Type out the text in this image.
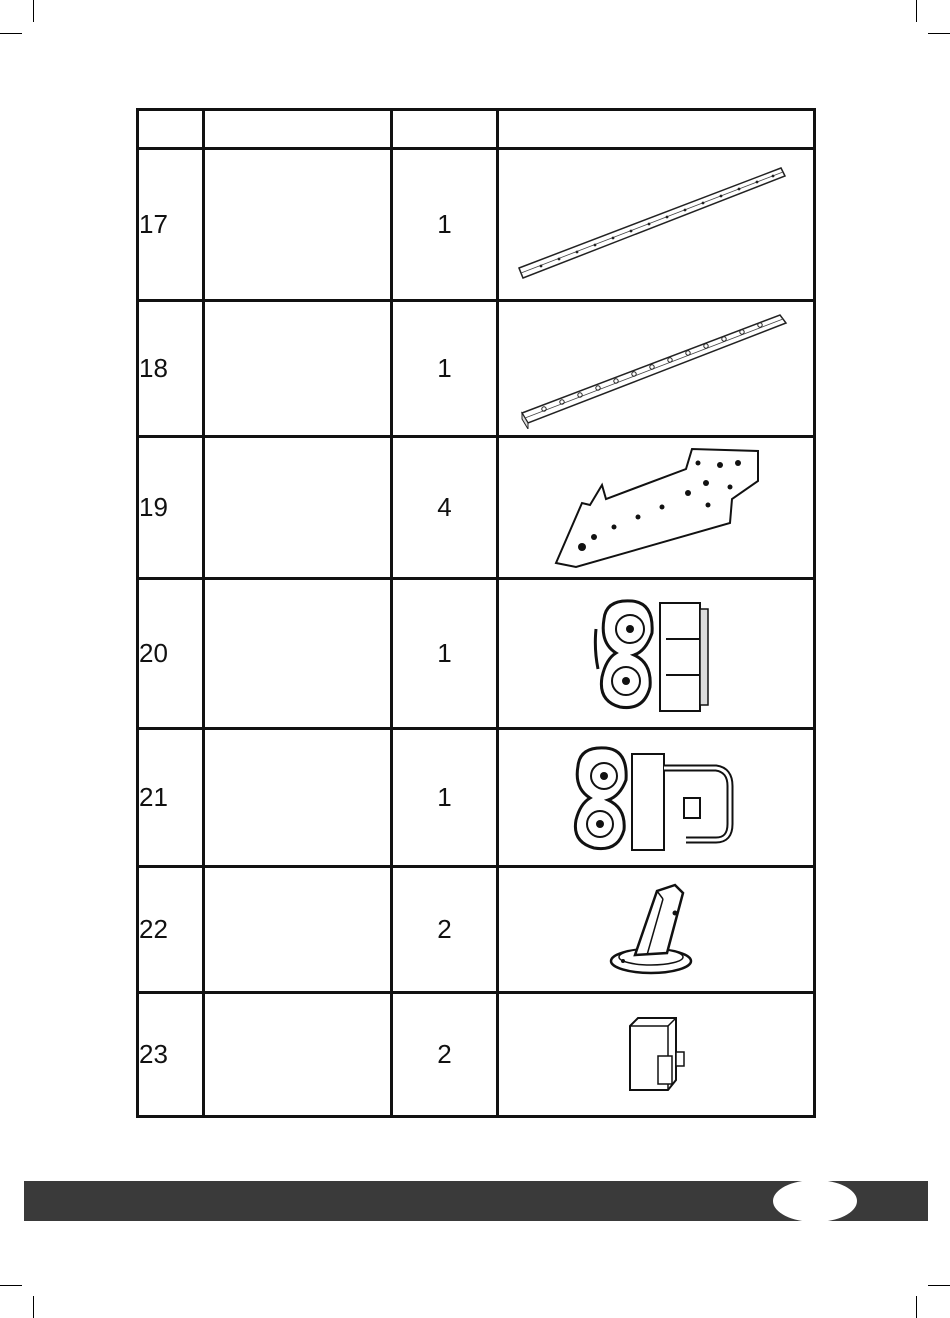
17		1	

18		1	

19		4	

20		1	

21		1	

22		2	

23		2	
